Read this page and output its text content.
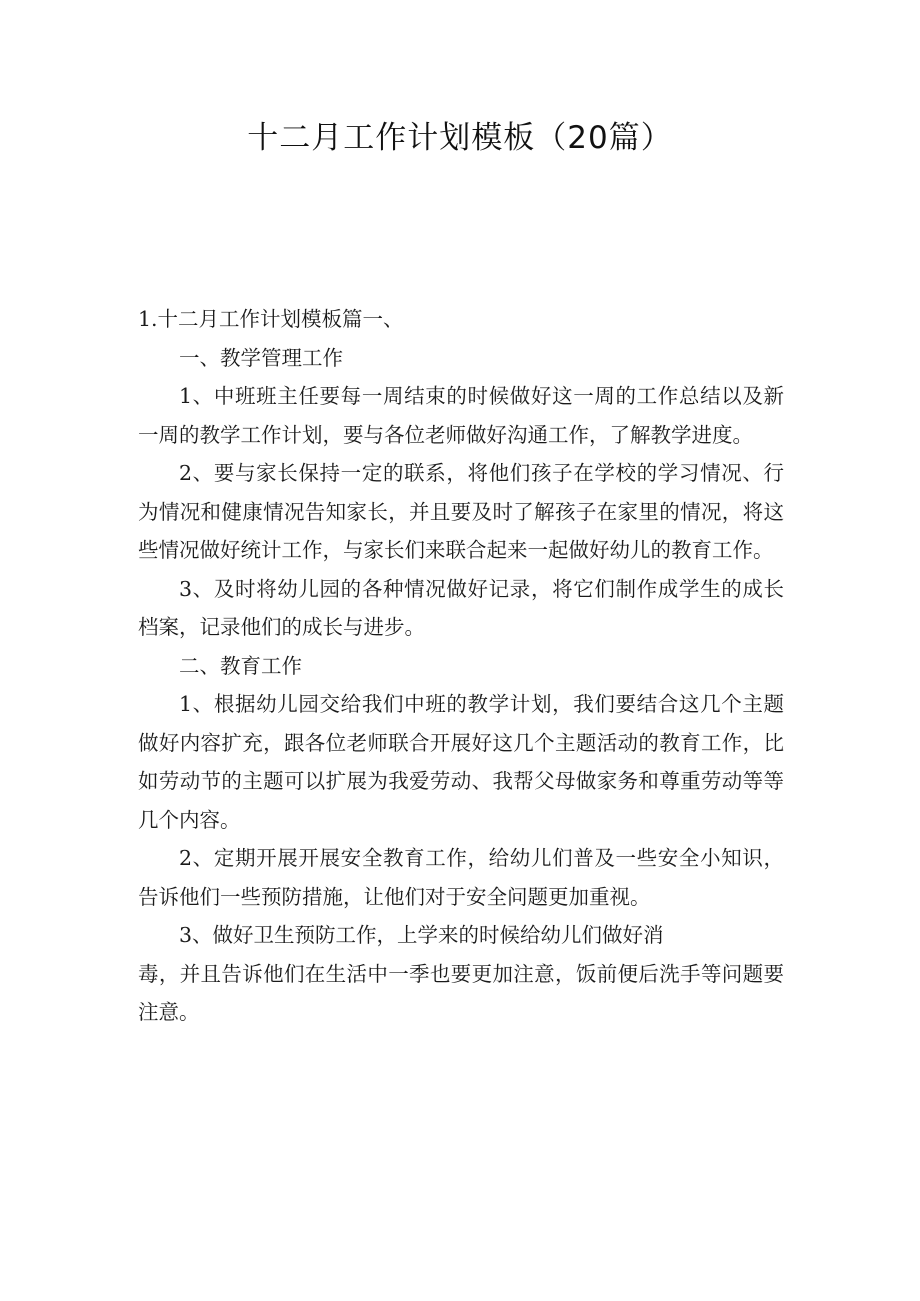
十二月工作计划模板（20篇）

1.十二月工作计划模板篇一、

一、教学管理工作

1、中班班主任要每一周结束的时候做好这一周的工作总结以及新一周的教学工作计划，要与各位老师做好沟通工作，了解教学进度。

2、要与家长保持一定的联系，将他们孩子在学校的学习情况、行为情况和健康情况告知家长，并且要及时了解孩子在家里的情况，将这些情况做好统计工作，与家长们来联合起来一起做好幼儿的教育工作。

3、及时将幼儿园的各种情况做好记录，将它们制作成学生的成长档案，记录他们的成长与进步。

二、教育工作

1、根据幼儿园交给我们中班的教学计划，我们要结合这几个主题做好内容扩充，跟各位老师联合开展好这几个主题活动的教育工作，比如劳动节的主题可以扩展为我爱劳动、我帮父母做家务和尊重劳动等等几个内容。

2、定期开展开展安全教育工作，给幼儿们普及一些安全小知识，告诉他们一些预防措施，让他们对于安全问题更加重视。

3、做好卫生预防工作，上学来的时候给幼儿们做好消

毒，并且告诉他们在生活中一季也要更加注意，饭前便后洗手等问题要注意。
